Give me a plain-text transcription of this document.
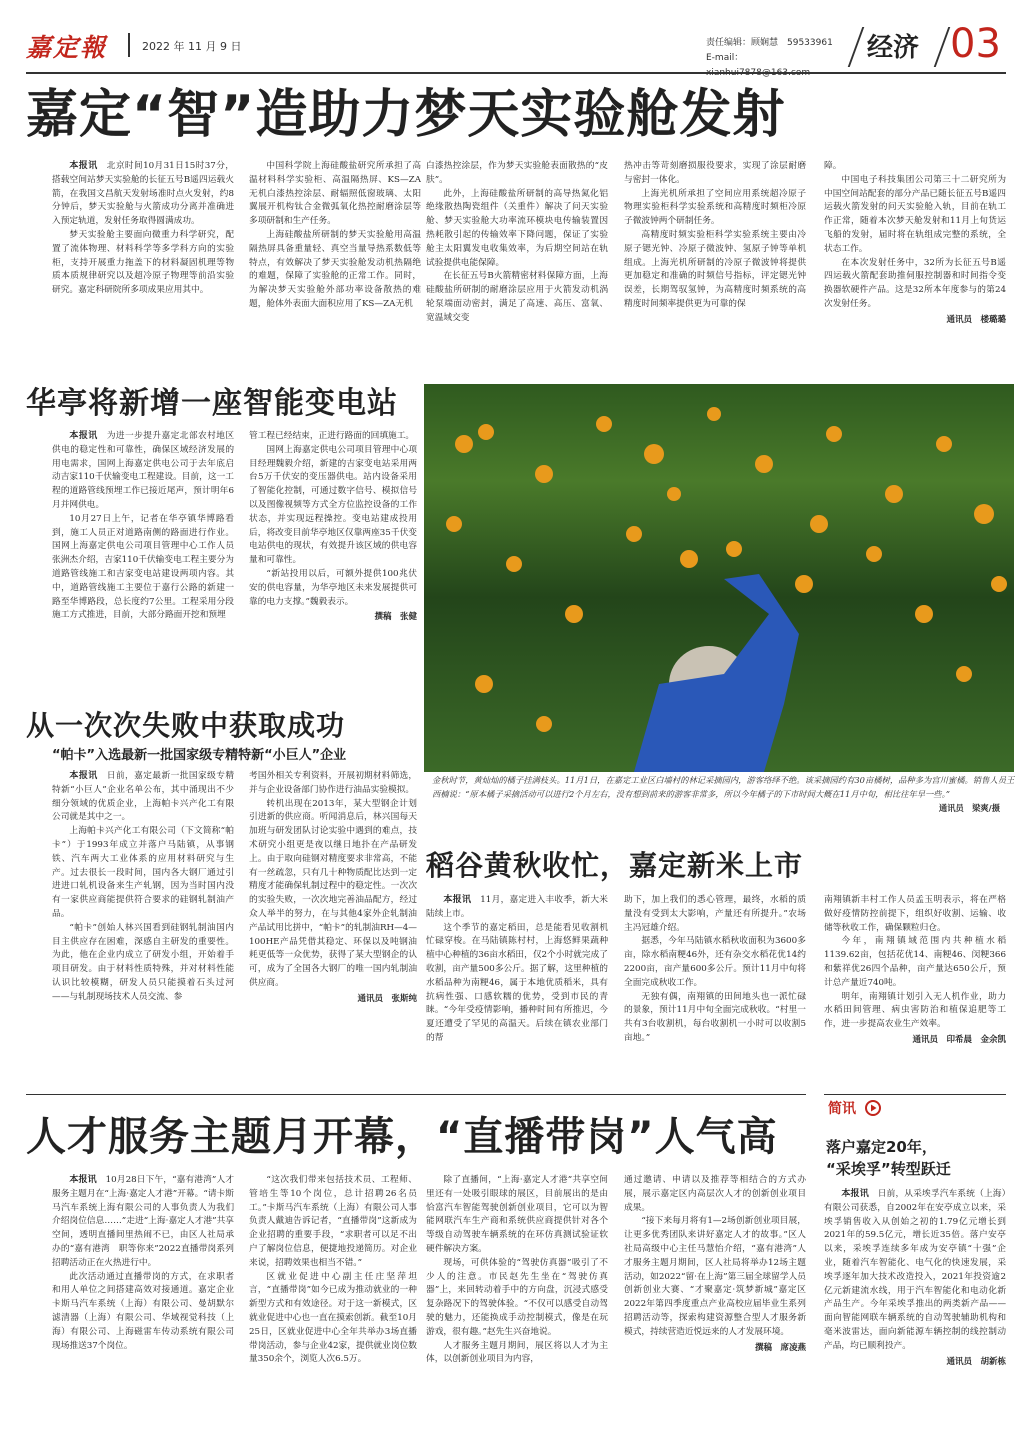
嘉定報	2022 年 11 月 9 日	责任编辑：顾娴慧　59533961
E-mail：	经济 03
嘉定“智”造助力梦天实验舱发射

本报讯　 北京时间10月31日15时37分，搭载空间站梦天实验舱的长征五号B遥四运载火箭，在我国文昌航天发射场准时点火发射，约8分钟后，梦天实验舱与火箭成功分离并准确进入预定轨道，发射任务取得圆满成功。

梦天实验舱主要面向微重力科学研究，配置了流体物理、材料科学等多学科方向的实验柜，支持开展重力拖盖下的材料凝固机理等物质本质规律研究以及超冷原子物理等前沿实验研究。嘉定科研院所多项成果应用其中。

中国科学院上海硅酸盐研究所承担了高温材料科学实验柜、高温隔热屏、KS—ZA无机白漆热控涂层、耐辐照低窗玻璃、太阳翼展开机构钛合金微弧氧化热控耐磨涂层等多项研制和生产任务。

上海硅酸盐所研制的梦天实验舱用高温隔热屏具备重量轻、真空当量导热系数低等特点，有效解决了梦天实验舱发动机热隔绝的难题，保障了实验舱的正常工作。同时，为解决梦天实验舱外部功率设备散热的难题，舱体外表面大面积应用了KS—ZA无机

白漆热控涂层，作为梦天实验舱表面散热的“皮肤”。

此外，上海硅酸盐所研制的高导热氮化铝绝缘散热陶瓷组件（关重件）解决了问天实验舱、梦天实验舱大功率流环模块电传输装置因热耗散引起的传输效率下降问题，保证了实验舱主太阳翼发电收集效率，为后期空间站在轨试验提供电能保障。

在长征五号B火箭精密材料保障方面，上海硅酸盐所研制的耐磨涂层应用于火箭发动机涡轮泵端面动密封，满足了高速、高压、富氧、宽温域交变

热冲击等苛刻磨损服役要求，实现了涂层耐磨与密封一体化。

上海光机所承担了空间应用系统超冷原子物理实验柜科学实验系统和高精度时频柜冷原子微波钟两个研制任务。

高精度时频实验柜科学实验系统主要由冷原子锶光钟、冷原子微波钟、氢原子钟等单机组成。上海光机所研制的冷原子微波钟将提供更加稳定和准确的时频信号指标，评定锶光钟误差，长期驾驭氢钟，为高精度时频系统的高精度时间频率提供更为可靠的保

障。

中国电子科技集团公司第三十二研究所为中国空间站配套的部分产品已随长征五号B遥四运载火箭发射的问天实验舱入轨，目前在轨工作正常，随着本次梦天舱发射和11月上旬货运飞船的发射，届时将在轨组成完整的系统，全状态工作。

在本次发射任务中，32所为长征五号B遥四运载火箭配套助推伺服控制器和时间指令变换器软硬件产品。这是32所本年度参与的第24次发射任务。

通讯员　楼璐璐
华亭将新增一座智能变电站

本报讯　 为进一步提升嘉定北部农村地区供电的稳定性和可靠性，确保区域经济发展的用电需求，国网上海嘉定供电公司于去年底启动吉家110千伏输变电工程建设。目前，这一工程的道路管线预埋工作已接近尾声，预计明年6月并网供电。

10月27日上午，记者在华亭镇华博路看到，施工人员正对道路南侧的路面进行作业。国网上海嘉定供电公司项目管理中心工作人员张洲杰介绍，吉家110千伏输变电工程主要分为道路管线施工和吉家变电站建设两项内容。其中，道路管线施工主要位于嘉行公路的新建一路至华博路段，总长度约7公里。工程采用分段施工方式推进，目前，大部分路面开挖和预埋

管工程已经结束，正进行路面的回填施工。

国网上海嘉定供电公司项目管理中心项目经理魏毅介绍，新建的吉家变电站采用两台5万千伏安的变压器供电。站内设备采用了智能化控制，可通过数字信号、模拟信号以及图像视频等方式全方位监控设备的工作状态，并实现远程操控。变电站建成投用后，将改变目前华亭地区仅靠两座35千伏变电站供电的现状，有效提升该区域的供电容量和可靠性。

“新站投用以后，可额外提供100兆伏安的供电容量，为华亭地区未来发展提供可靠的电力支撑。”魏毅表示。

撰稿　张健
金秋时节，黄灿灿的橘子挂满枝头。11月1日，在嘉定工业区白墙村的林记采摘园内，游客络绎不绝。该采摘园约有30亩橘树，品种多为宫川蜜橘。销售人员王西楠说：“原本橘子采摘活动可以进行2个月左右，没有想到前来的游客非常多，所以今年橘子的下市时间大概在11月中旬，相比往年早一些。”
通讯员　梁爽/摄
从一次次失败中获取成功
“帕卡”入选最新一批国家级专精特新“小巨人”企业

本报讯　 日前，嘉定最新一批国家级专精特新“小巨人”企业名单公布，其中涌现出不少细分领域的优质企业，上海帕卡兴产化工有限公司就是其中之一。

上海帕卡兴产化工有限公司（下文简称“帕卡”）于1993年成立并落户马陆镇，从事钢铁、汽车两大工业体系的应用材料研究与生产。过去很长一段时间，国内各大钢厂通过引进进口轧机设备来生产轧钢，因为当时国内没有一家供应商能提供符合要求的硅钢轧制油产品。

“帕卡”创始人林兴国看到硅钢轧制油国内目主供应存在困难，深感自主研发的重要性。为此，他在企业内成立了研发小组，开始着手项目研发。由于材料性质特殊，并对材料性能认识比较模糊，研发人员只能摸着石头过河——与轧制现场技术人员交流、参

考国外相关专利资料，开展初期材料筛选，并与企业设备部门协作进行油品实验模拟。

转机出现在2013年，某大型钢企计划引进新的供应商。听闻消息后，林兴国每天加班与研发团队讨论实验中遇到的难点，技术研究小组更是夜以继日地扑在产品研发上。由于取向硅钢对精度要求非常高，不能有一丝疏忽，只有几十种物质配比达到一定精度才能确保轧制过程中的稳定性。一次次的实验失败，一次次地完善油品配方，经过众人举半的努力，在与其他4家外企轧制油产品试用比拼中，“帕卡”的轧制油RH—4—100HE产品凭借其稳定、环保以及吨钢油耗更低等一众优势，获得了某大型钢企的认可，成为了全国各大钢厂的唯一国内轧制油供应商。

通讯员　张斯纯
稻谷黄秋收忙，嘉定新米上市

本报讯　 11月，嘉定进入丰收季，新大米陆续上市。

这个季节的嘉定稻田，总是能看见收割机忙碌穿梭。在马陆镇陈村村，上海悠鲜果蔬种植中心种植的36亩水稻田，仅2个小时就完成了收割，亩产量500多公斤。据了解，这里种植的水稻品种为南粳46，属于本地优质稻米，具有抗病性强、口感软糯的优势，受到市民的青睐。“今年受疫情影响，播种时间有所推迟，今夏还遭受了罕见的高温天。后续在镇农业部门的帮

助下，加上我们的悉心管理，最终，水稻的质量没有受到太大影响，产量还有所提升。”农场主冯冠雄介绍。

据悉，今年马陆镇水稻秋收面积为3600多亩，除水稻南粳46外，还有杂交水稻花优14约2200亩，亩产量600多公斤。预计11月中旬将全面完成秋收工作。

无独有偶，南翔镇的田间地头也一派忙碌的景象，预计11月中旬全面完成秋收。“村里一共有3台收割机，每台收割机一小时可以收割5亩地。”

南翔镇新丰村工作人员孟玉明表示，将在严格做好疫情防控前提下，组织好收割、运输、收储等秋收工作，确保颗粒归仓。

今年，南翔镇域范围内共种植水稻1139.62亩，包括花优14、南粳46、闵粳366和紫祥优26四个品种，亩产量达650公斤，预计总产量近740吨。

明年，南翔镇计划引入无人机作业，助力水稻田间管理、病虫害防治和植保追肥等工作，进一步提高农业生产效率。

通讯员　印希晨　金余凯
人才服务主题月开幕，“直播带岗”人气高

本报讯　 10月28日下午，“嘉有港湾”人才服务主题月在“上海·嘉定人才港”开幕。“请卡斯马汽车系统上海有限公司的人事负责人为我们介绍岗位信息……”走进“上海·嘉定人才港”共享空间，透明直播间里热闹不已，由区人社局承办的“嘉有港湾　职等你来”2022直播带岗系列招聘活动正在火热进行中。

此次活动通过直播带岗的方式，在求职者和用人单位之间搭建高效对接通道。嘉定企业卡斯马汽车系统（上海）有限公司、曼胡默尔滤清器（上海）有限公司、华域视觉科技（上海）有限公司、上海磁雷车传动系统有限公司现场推送37个岗位。

“这次我们带来包括技术员、工程师、管培生等10个岗位，总计招聘26名员工。”卡斯马汽车系统（上海）有限公司人事负责人戴迪告诉记者，“直播带岗”这新成为企业招聘的重要手段，“求职者可以足不出户了解岗位信息，便捷地投递简历。对企业来说，招聘效果也相当不错。”

区就业促进中心副主任庄坚萍坦言，“直播带岗”如今已成为推动就业的一种新型方式和有效途径。对于这一新模式，区就业促进中心也一直在摸索创新。截至10月25日，区就业促进中心全年共举办3场直播带岗活动，参与企业42家，提供就业岗位数量350余个，浏览人次6.5万。

除了直播间，“上海·嘉定人才港”共享空间里还有一处吸引眼球的展区，目前展出的是由恰富汽车智能驾驶创新创业项目，它可以为智能网联汽车生产商和系统供应商提供针对各个等级自动驾驶车辆系统的在环仿真测试验证软硬件解决方案。

现场，可供体验的“驾驶仿真器”吸引了不少人的注意。市民赵先生坐在“驾驶仿真器”上，来回转动着手中的方向盘，沉浸式感受复杂路况下的驾驶体验。“不仅可以感受自动驾驶的魅力，还能换成手动控制模式，像是在玩游戏，很有趣。”赵先生兴奋地说。

人才服务主题月期间，展区将以人才为主体，以创新创业项目为内容，

通过邀请、申请以及推荐等相结合的方式办展，展示嘉定区内高层次人才的创新创业项目成果。

“接下来每月将有1—2场创新创业项目展，让更多优秀团队来讲好嘉定人才的故事。”区人社局高级中心主任马慧怡介绍，“嘉有港湾”人才服务主题月期间，区人社局将举办12场主题活动，如2022“留·在上海”第三届全球留学人员创新创业大赛、“才聚嘉定·筑梦新城”嘉定区2022年第四季度重点产业高校应届毕业生系列招聘活动等，探索构建资源整合型人才服务新模式，持续营造近悦远来的人才发展环境。

撰稿　席凌燕
简讯
落户嘉定20年，
“采埃孚”转型跃迁

本报讯　 日前，从采埃孚汽车系统（上海）有限公司获悉，自2002年在安亭成立以来，采埃孚销售收入从创始之初的1.79亿元增长到2021年的59.5亿元，增长近35倍。落户安亭以来，采埃孚连续多年成为安亭镇“十强”企业，随着汽车智能化、电气化的快速发展，采埃孚逐年加大技术改造投入，2021年投资逾2亿元新建流水线，用于汽车智能化和电动化新产品生产。今年采埃孚推出的两类新产品——面向智能网联车辆系统的自动驾驶辅助机构和毫米波雷达，面向新能源车辆控制的线控制动产品，均已顺利投产。

通讯员　胡新栋
